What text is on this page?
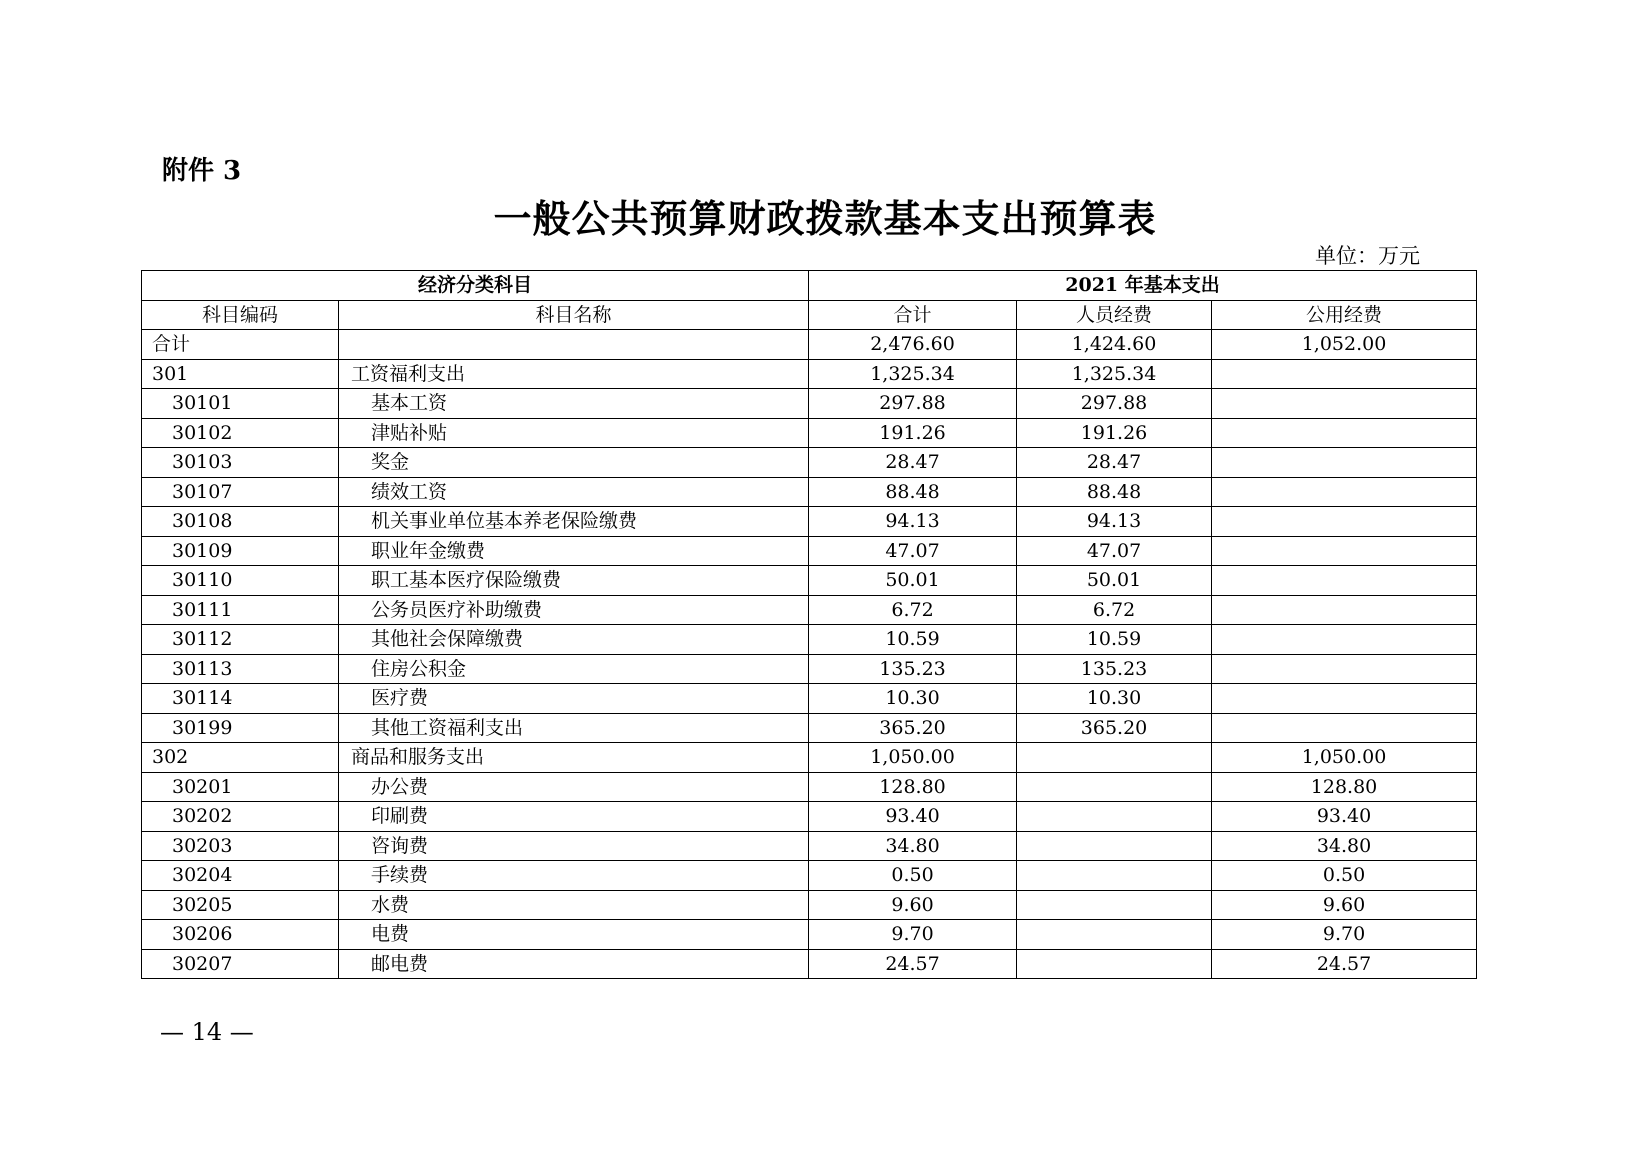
附件 3
一般公共预算财政拨款基本支出预算表
单位：万元
经济分类科目		2021 年基本支出		
科目编码	科目名称	合计	人员经费	公用经费
合计		2,476.60	1,424.60	1,052.00
301	工资福利支出	1,325.34	1,325.34	
30101	基本工资	297.88	297.88	
30102	津贴补贴	191.26	191.26	
30103	奖金	28.47	28.47	
30107	绩效工资	88.48	88.48	
30108	机关事业单位基本养老保险缴费	94.13	94.13	
30109	职业年金缴费	47.07	47.07	
30110	职工基本医疗保险缴费	50.01	50.01	
30111	公务员医疗补助缴费	6.72	6.72	
30112	其他社会保障缴费	10.59	10.59	
30113	住房公积金	135.23	135.23	
30114	医疗费	10.30	10.30	
30199	其他工资福利支出	365.20	365.20	
302	商品和服务支出	1,050.00		1,050.00
30201	办公费	128.80		128.80
30202	印刷费	93.40		93.40
30203	咨询费	34.80		34.80
30204	手续费	0.50		0.50
30205	水费	9.60		9.60
30206	电费	9.70		9.70
30207	邮电费	24.57		24.57
— 14 —
